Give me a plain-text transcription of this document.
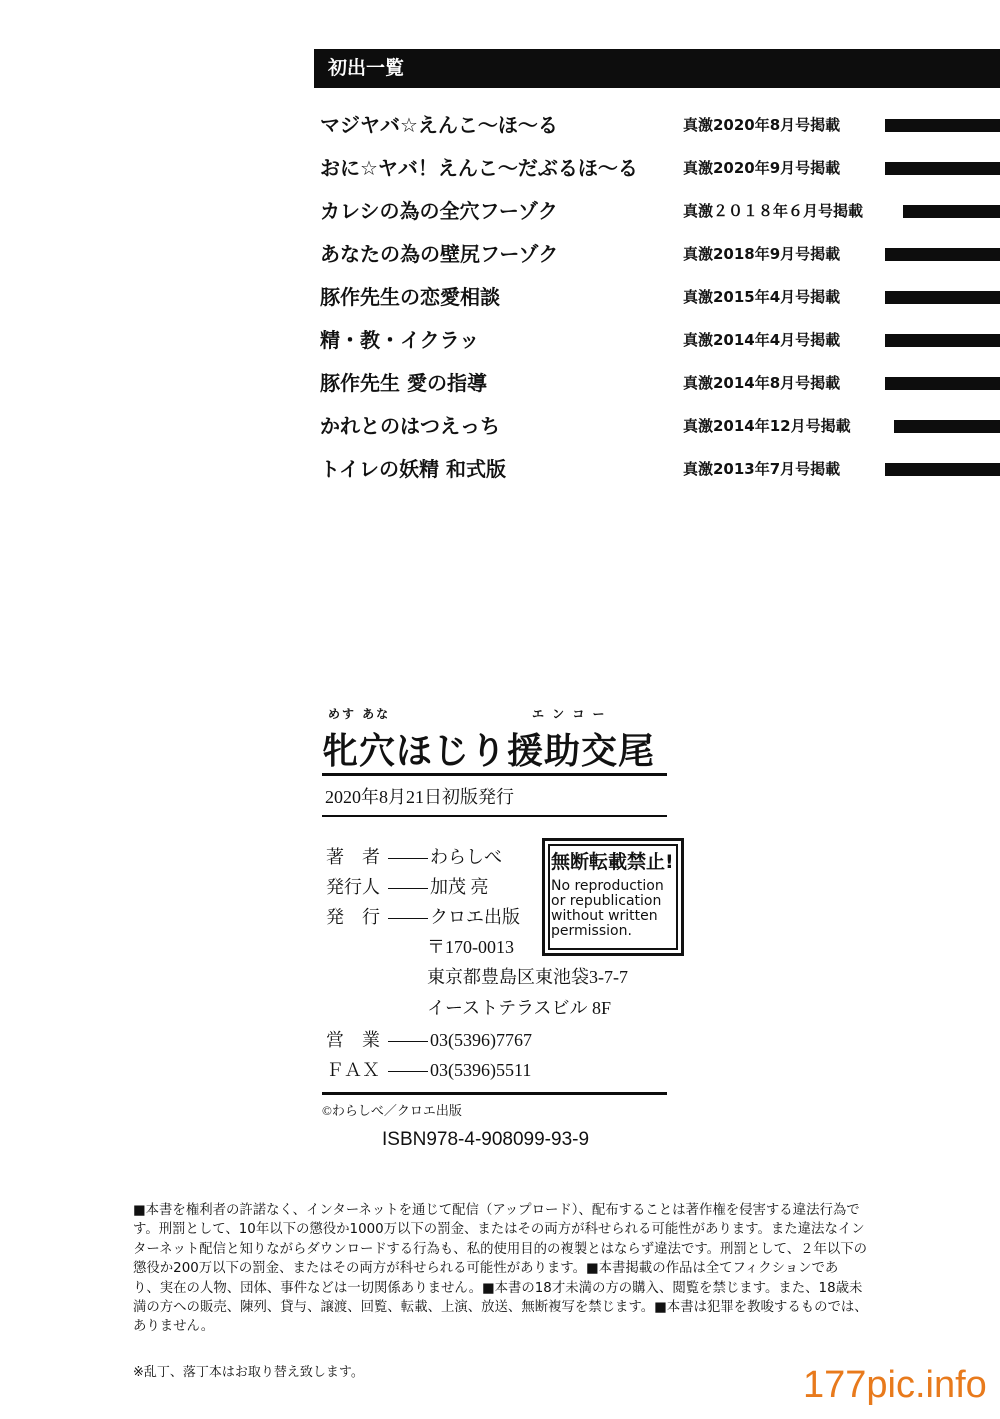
初出一覧
マジヤバ☆えんこ～ほ～る	真激2020年8月号掲載
おに☆ヤバ！えんこ～だぶるほ～る	真激2020年9月号掲載
カレシの為の全穴フーゾク	真激２０１８年６月号掲載
あなたの為の壁尻フーゾク	真激2018年9月号掲載
豚作先生の恋愛相談	真激2015年4月号掲載
精・教・イクラッ	真激2014年4月号掲載
豚作先生 愛の指導	真激2014年8月号掲載
かれとのはつえっち	真激2014年12月号掲載
トイレの妖精 和式版	真激2013年7月号掲載
めす あな	エ ン コ ー
牝穴ほじり援助交尾
2020年8月21日初版発行
著　者	わらしべ
発行人	加茂 亮
発　行	クロエ出版
〒170-0013
東京都豊島区東池袋3-7-7
イーストテラスビル 8F
営　業	03(5396)7767
ＦＡＸ	03(5396)5511
無断転載禁止!
No reproduction
or republication
without written
permission.
©わらしべ／クロエ出版
ISBN978-4-908099-93-9

■本書を権利者の許諾なく、インターネットを通じて配信（アップロード）、配布することは著作権を侵害する違法行為で

す。刑罰として、10年以下の懲役か1000万以下の罰金、またはその両方が科せられる可能性があります。また違法なイン

ターネット配信と知りながらダウンロードする行為も、私的使用目的の複製とはならず違法です。刑罰として、２年以下の

懲役か200万以下の罰金、またはその両方が科せられる可能性があります。■本書掲載の作品は全てフィクションであ

り、実在の人物、団体、事件などは一切関係ありません。■本書の18才未満の方の購入、閲覧を禁じます。また、18歳未

満の方への販売、陳列、貸与、譲渡、回覧、転載、上演、放送、無断複写を禁じます。■本書は犯罪を教唆するものでは、

ありません。

※乱丁、落丁本はお取り替え致します。	177pic.info
